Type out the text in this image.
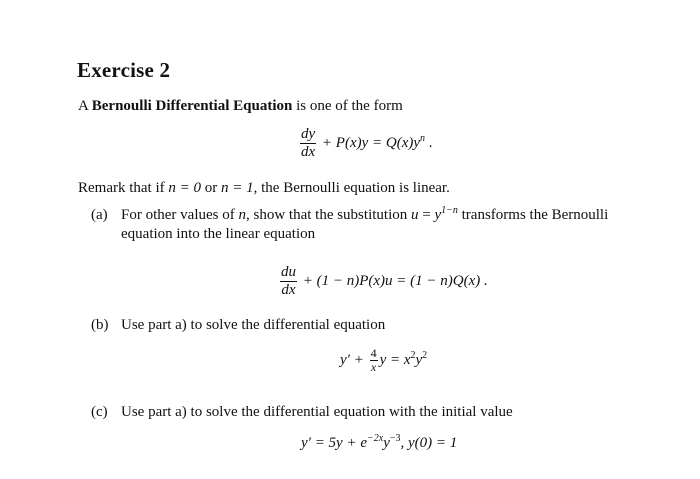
Exercise 2
A Bernoulli Differential Equation is one of the form
$\frac{dy}{dx} + P(x)y = Q(x)y^n$ .
Remark that if n = 0 or n = 1, the Bernoulli equation is linear.
(a) For other values of n, show that the substitution $u = y^{1-n}$ transforms the Bernoulli
equation into the linear equation
$\frac{du}{dx} + (1 - n)P(x)u = (1 - n)Q(x)$ .
(b) Use part a) to solve the differential equation
$y' + \frac{4}{x}$ $y = x^2y^2$
(c) Use part a) to solve the differential equation with the initial value
$y' = 5y + e^{-2x}y^{-3}$, y(0) = 1
